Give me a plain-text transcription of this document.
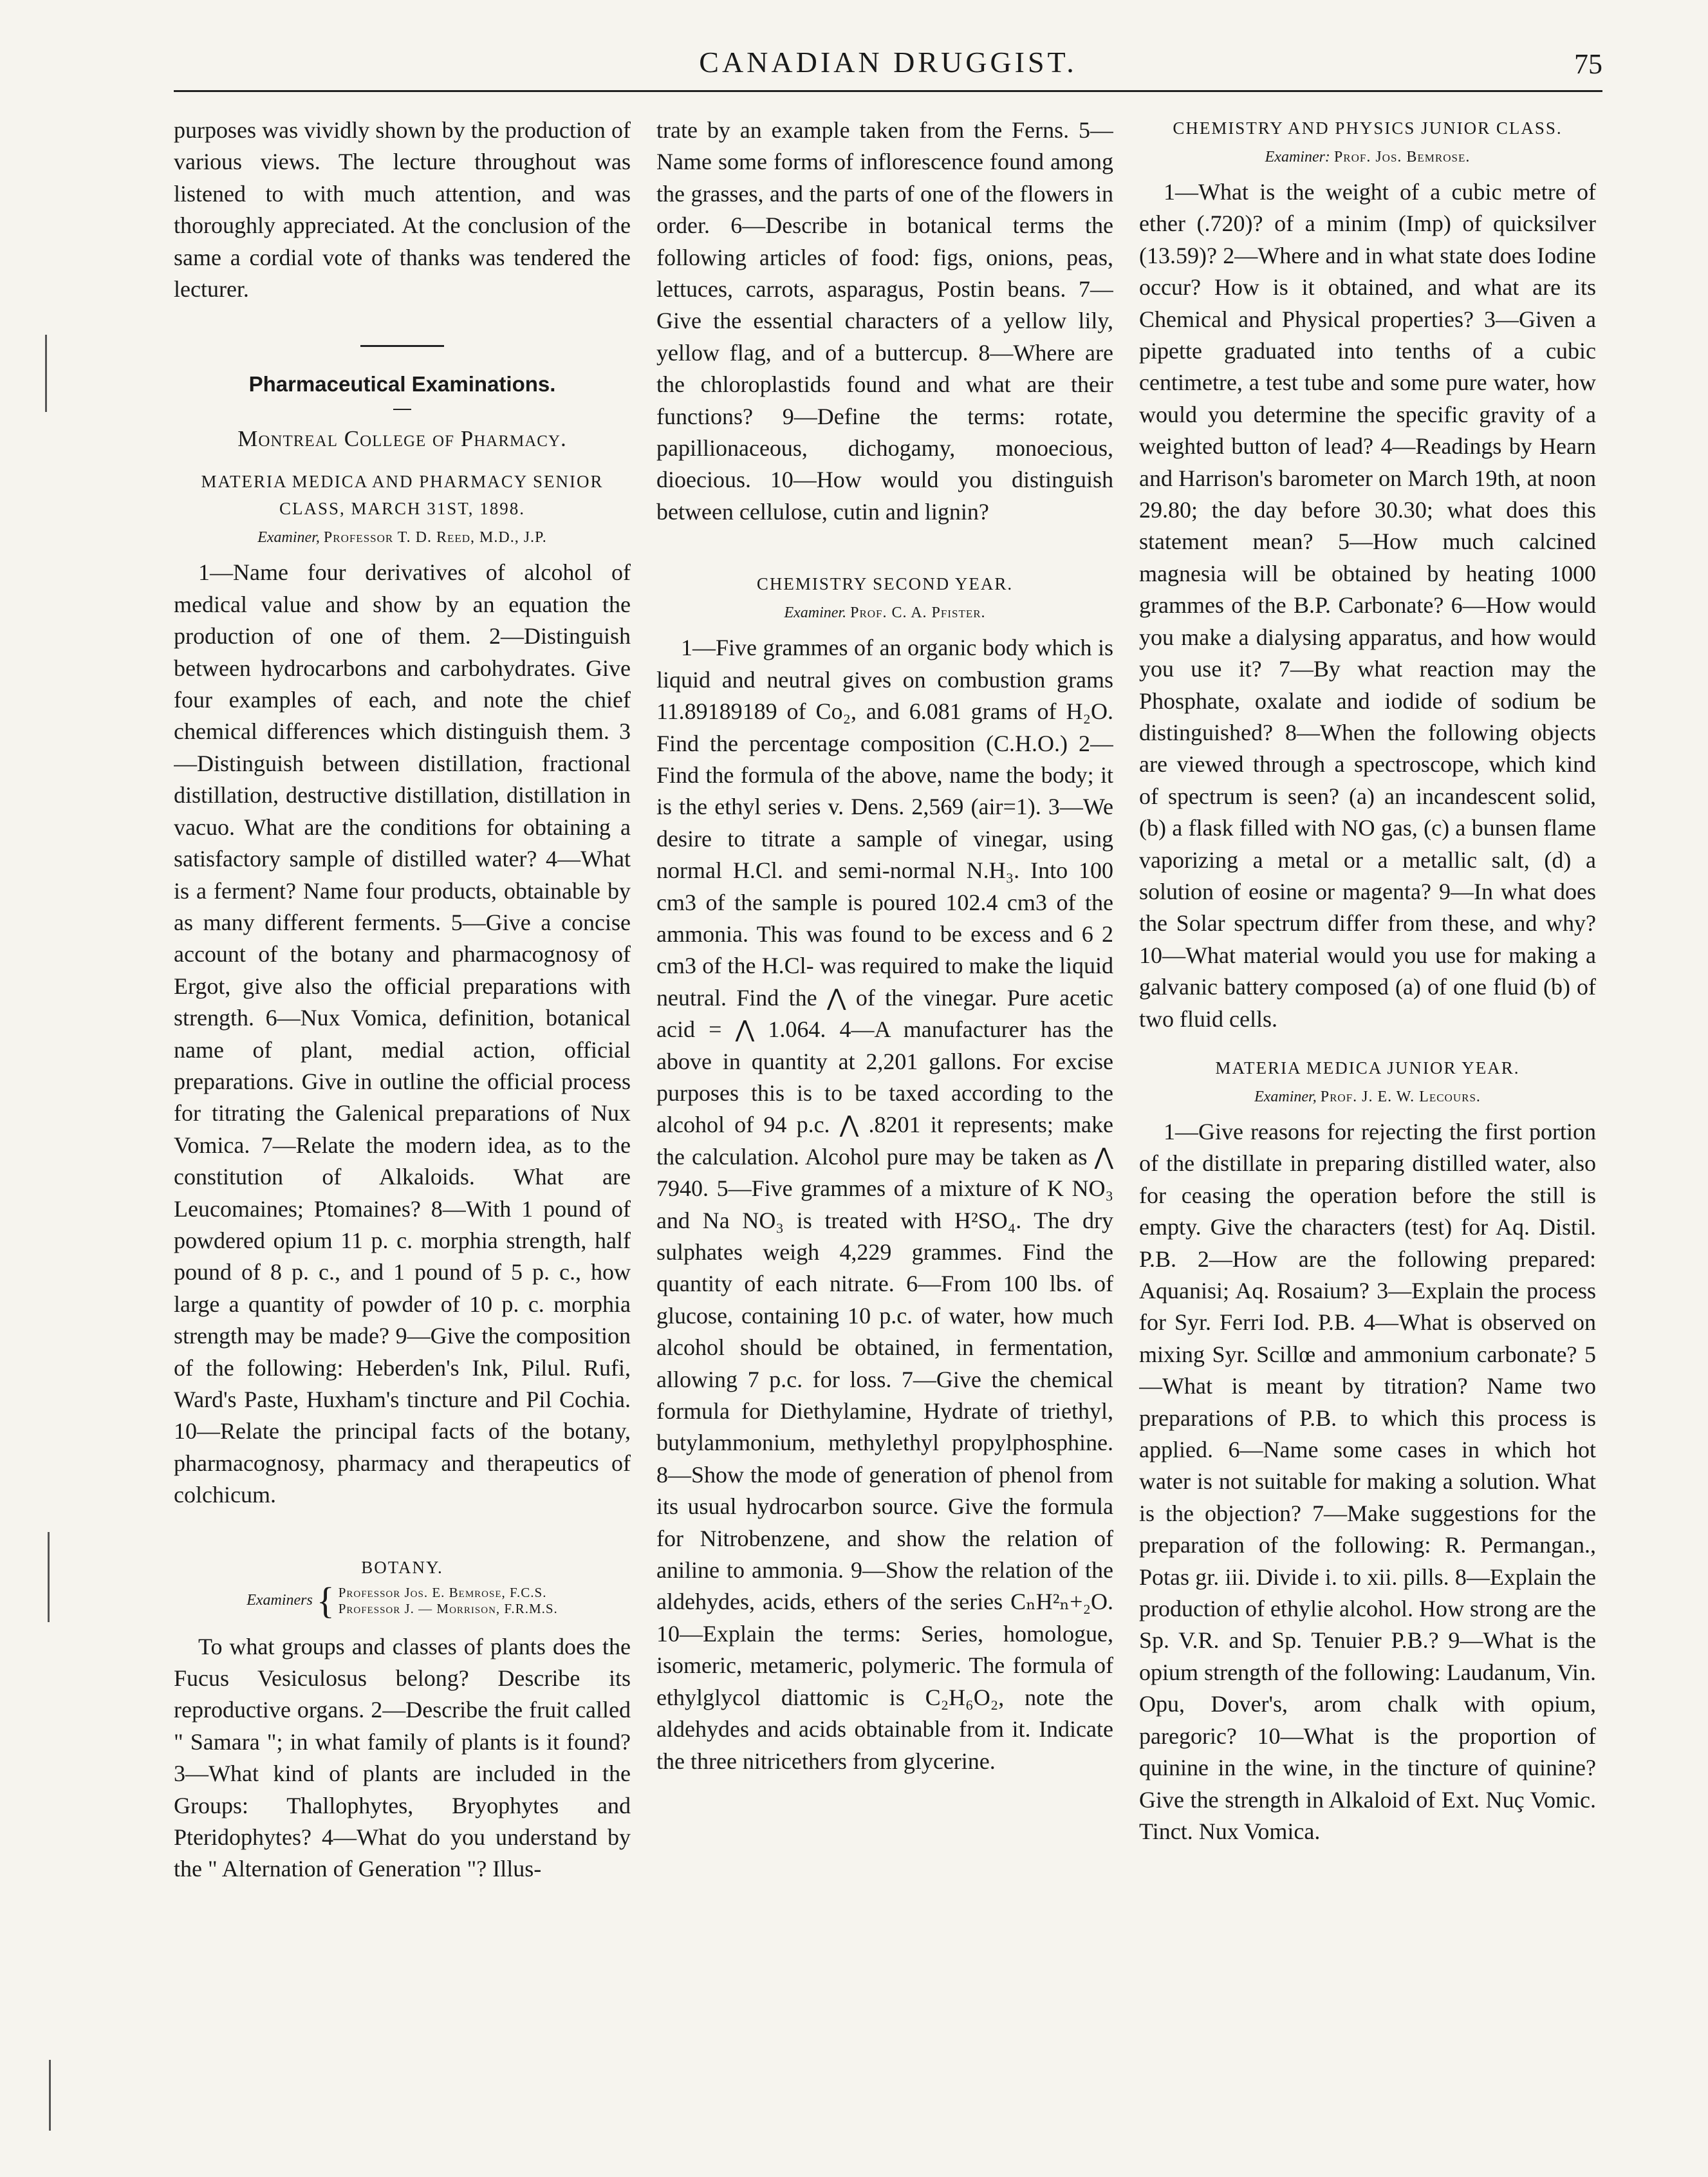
CANADIAN DRUGGIST.	75

purposes was vividly shown by the production of various views. The lecture throughout was listened to with much attention, and was thoroughly appreciated. At the conclusion of the same a cordial vote of thanks was tendered the lecturer.

Pharmaceutical Examinations.
Montreal College of Pharmacy.
MATERIA MEDICA AND PHARMACY SENIOR CLASS, MARCH 31ST, 1898.
Examiner, Professor T. D. Reed, M.D., J.P.

1—Name four derivatives of alcohol of medical value and show by an equation the production of one of them. 2—Distinguish between hydrocarbons and carbohydrates. Give four examples of each, and note the chief chemical differences which distinguish them. 3—Distinguish between distillation, fractional distillation, destructive distillation, distillation in vacuo. What are the conditions for obtaining a satisfactory sample of distilled water? 4—What is a ferment? Name four products, obtainable by as many different ferments. 5—Give a concise account of the botany and pharmacognosy of Ergot, give also the official preparations with strength. 6—Nux Vomica, definition, botanical name of plant, medial action, official preparations. Give in outline the official process for titrating the Galenical preparations of Nux Vomica. 7—Relate the modern idea, as to the constitution of Alkaloids. What are Leucomaines; Ptomaines? 8—With 1 pound of powdered opium 11 p. c. morphia strength, half pound of 8 p. c., and 1 pound of 5 p. c., how large a quantity of powder of 10 p. c. morphia strength may be made? 9—Give the composition of the following: Heberden's Ink, Pilul. Rufi, Ward's Paste, Huxham's tincture and Pil Cochia. 10—Relate the principal facts of the botany, pharmacognosy, pharmacy and therapeutics of colchicum.

BOTANY.
Examiners { Professor Jos. E. Bemrose, F.C.S.
Professor J. — Morrison, F.R.M.S.

To what groups and classes of plants does the Fucus Vesiculosus belong? Describe its reproductive organs. 2—Describe the fruit called " Samara "; in what family of plants is it found? 3—What kind of plants are included in the Groups: Thallophytes, Bryophytes and Pteridophytes? 4—What do you understand by the " Alternation of Generation "? Illus-

trate by an example taken from the Ferns. 5—Name some forms of inflorescence found among the grasses, and the parts of one of the flowers in order. 6—Describe in botanical terms the following articles of food: figs, onions, peas, lettuces, carrots, asparagus, Postin beans. 7—Give the essential characters of a yellow lily, yellow flag, and of a buttercup. 8—Where are the chloroplastids found and what are their functions? 9—Define the terms: rotate, papillionaceous, dichogamy, monoecious, dioecious. 10—How would you distinguish between cellulose, cutin and lignin?

CHEMISTRY SECOND YEAR.
Examiner. Prof. C. A. Pfister.

1—Five grammes of an organic body which is liquid and neutral gives on combustion grams 11.89189189 of Co₂, and 6.081 grams of H₂O. Find the percentage composition (C.H.O.) 2—Find the formula of the above, name the body; it is the ethyl series v. Dens. 2,569 (air=1). 3—We desire to titrate a sample of vinegar, using normal H.Cl. and semi-normal N.H₃. Into 100 cm3 of the sample is poured 102.4 cm3 of the ammonia. This was found to be excess and 6 2 cm3 of the H.Cl- was required to make the liquid neutral. Find the ⋀ of the vinegar. Pure acetic acid = ⋀ 1.064. 4—A manufacturer has the above in quantity at 2,201 gallons. For excise purposes this is to be taxed according to the alcohol of 94 p.c. ⋀ .8201 it represents; make the calculation. Alcohol pure may be taken as ⋀ 7940. 5—Five grammes of a mixture of K NO₃ and Na NO₃ is treated with H²SO₄. The dry sulphates weigh 4,229 grammes. Find the quantity of each nitrate. 6—From 100 lbs. of glucose, containing 10 p.c. of water, how much alcohol should be obtained, in fermentation, allowing 7 p.c. for loss. 7—Give the chemical formula for Diethylamine, Hydrate of triethyl, butylammonium, methylethyl propylphosphine. 8—Show the mode of generation of phenol from its usual hydrocarbon source. Give the formula for Nitrobenzene, and show the relation of aniline to ammonia. 9—Show the relation of the aldehydes, acids, ethers of the series CₙH²ₙ+₂O. 10—Explain the terms: Series, homologue, isomeric, metameric, polymeric. The formula of ethylglycol diattomic is C₂H₆O₂, note the aldehydes and acids obtainable from it. Indicate the three nitricethers from glycerine.

CHEMISTRY AND PHYSICS JUNIOR CLASS.
Examiner: Prof. Jos. Bemrose.

1—What is the weight of a cubic metre of ether (.720)? of a minim (Imp) of quicksilver (13.59)? 2—Where and in what state does Iodine occur? How is it obtained, and what are its Chemical and Physical properties? 3—Given a pipette graduated into tenths of a cubic centimetre, a test tube and some pure water, how would you determine the specific gravity of a weighted button of lead? 4—Readings by Hearn and Harrison's barometer on March 19th, at noon 29.80; the day before 30.30; what does this statement mean? 5—How much calcined magnesia will be obtained by heating 1000 grammes of the B.P. Carbonate? 6—How would you make a dialysing apparatus, and how would you use it? 7—By what reaction may the Phosphate, oxalate and iodide of sodium be distinguished? 8—When the following objects are viewed through a spectroscope, which kind of spectrum is seen? (a) an incandescent solid, (b) a flask filled with NO gas, (c) a bunsen flame vaporizing a metal or a metallic salt, (d) a solution of eosine or magenta? 9—In what does the Solar spectrum differ from these, and why? 10—What material would you use for making a galvanic battery composed (a) of one fluid (b) of two fluid cells.

MATERIA MEDICA JUNIOR YEAR.
Examiner, Prof. J. E. W. Lecours.

1—Give reasons for rejecting the first portion of the distillate in preparing distilled water, also for ceasing the operation before the still is empty. Give the characters (test) for Aq. Distil. P.B. 2—How are the following prepared: Aquanisi; Aq. Rosaium? 3—Explain the process for Syr. Ferri Iod. P.B. 4—What is observed on mixing Syr. Scillœ and ammonium carbonate? 5—What is meant by titration? Name two preparations of P.B. to which this process is applied. 6—Name some cases in which hot water is not suitable for making a solution. What is the objection? 7—Make suggestions for the preparation of the following: R. Permangan., Potas gr. iii. Divide i. to xii. pills. 8—Explain the production of ethylie alcohol. How strong are the Sp. V.R. and Sp. Tenuier P.B.? 9—What is the opium strength of the following: Laudanum, Vin. Opu, Dover's, arom chalk with opium, paregoric? 10—What is the proportion of quinine in the wine, in the tincture of quinine? Give the strength in Alkaloid of Ext. Nuç Vomic. Tinct. Nux Vomica.
